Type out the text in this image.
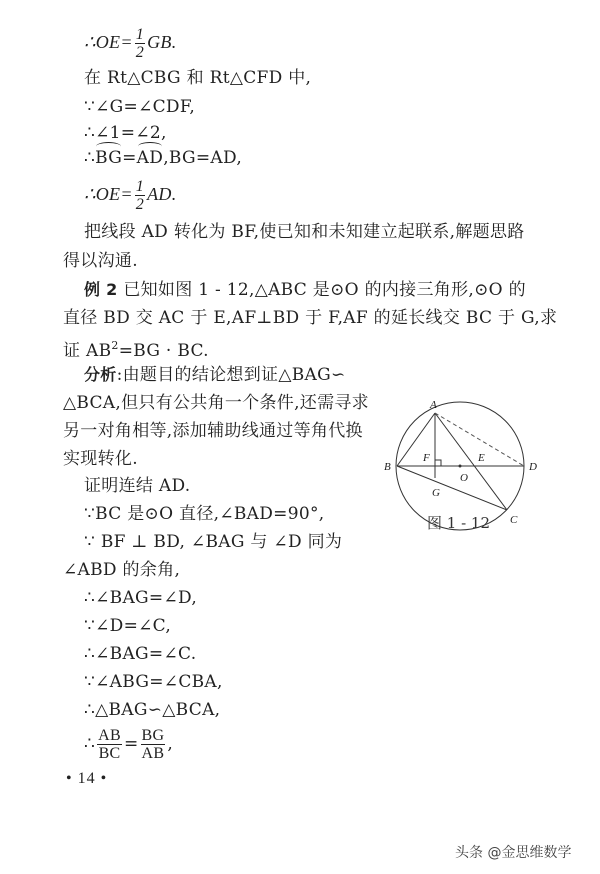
∴OE= $\frac{1}{2}$ GB.
在 Rt△CBG 和 Rt△CFD 中,
∵∠G=∠CDF,
∴∠1=∠2,
∴BG=AD,BG=AD,
∴OE= $\frac{1}{2}$ AD.
把线段 AD 转化为 BF,使已知和未知建立起联系,解题思路
得以沟通.
例 2 已知如图 1 - 12,△ABC 是⊙O 的内接三角形,⊙O 的
直径 BD 交 AC 于 E,AF⊥BD 于 F,AF 的延长线交 BC 于 G,求
证 $AB^2=BG$ · BC.
分析:由题目的结论想到证△BAG∽
△BCA,但只有公共角一个条件,还需寻求
另一对角相等,添加辅助线通过等角代换
实现转化.
证明连结 AD.
∵BC 是⊙O 直径,∠BAD=90°,
∵ BF ⊥ BD, ∠BAG 与 ∠D 同为
∠ABD 的余角,
∴∠BAG=∠D,
∵∠D=∠C,
∴∠BAG=∠C.
∵∠ABG=∠CBA,
∴△BAG∽△BCA,
∴ $\frac{AB}{BC} = \frac{BG}{AB}$ ,
A
B	D
C
F	E
O
G
图 1 - 12
• 14 •
头条 @金思维数学
